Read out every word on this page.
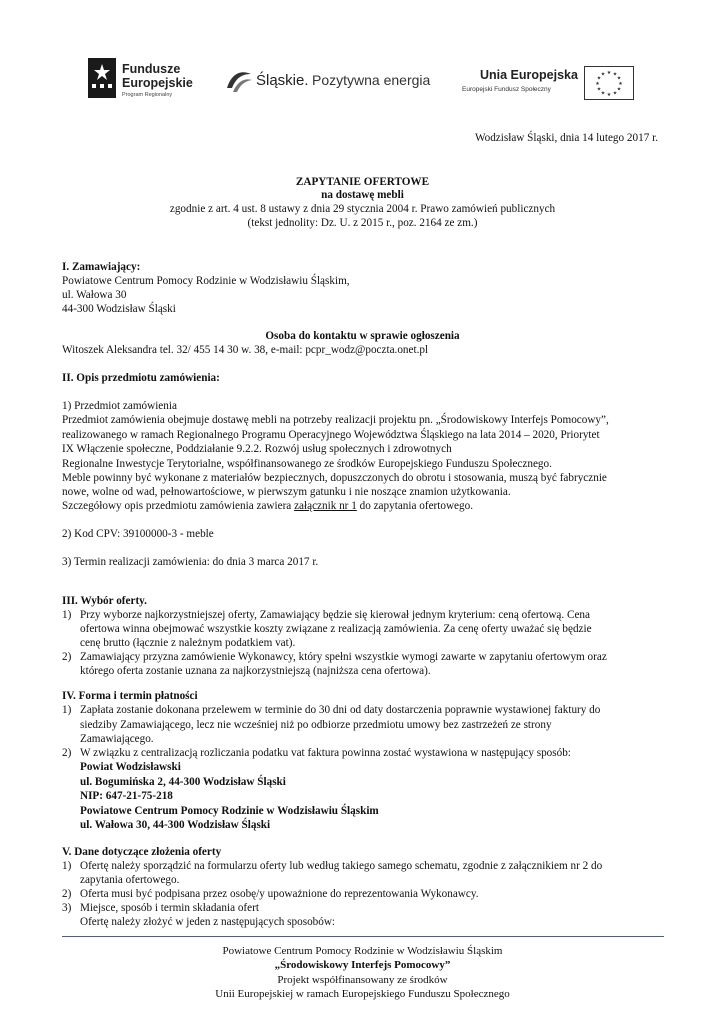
Fundusze
Europejskie
Program Regionalny
Śląskie. Pozytywna energia	Unia Europejska
Europejski Fundusz Społeczny
★ ★
★
★
★
★
★
★
★
★
★
★
Wodzisław Śląski, dnia 14 lutego 2017 r.
ZAPYTANIE OFERTOWE
na dostawę mebli
zgodnie z art. 4 ust. 8 ustawy z dnia 29 stycznia 2004 r. Prawo zamówień publicznych
(tekst jednolity: Dz. U. z 2015 r., poz. 2164 ze zm.)
I. Zamawiający:
Powiatowe Centrum Pomocy Rodzinie w Wodzisławiu Śląskim,
ul. Wałowa 30
44-300 Wodzisław Śląski
Osoba do kontaktu w sprawie ogłoszenia
Witoszek Aleksandra tel. 32/ 455 14 30 w. 38, e-mail: pcpr_wodz@poczta.onet.pl
II. Opis przedmiotu zamówienia:
1) Przedmiot zamówienia
Przedmiot zamówienia obejmuje dostawę mebli na potrzeby realizacji projektu pn. „Środowiskowy Interfejs Pomocowy”,
realizowanego w ramach Regionalnego Programu Operacyjnego Województwa Śląskiego na lata 2014 – 2020, Priorytet
IX Włączenie społeczne, Poddziałanie 9.2.2. Rozwój usług społecznych i zdrowotnych
Regionalne Inwestycje Terytorialne, współfinansowanego ze środków Europejskiego Funduszu Społecznego.
Meble powinny być wykonane z materiałów bezpiecznych, dopuszczonych do obrotu i stosowania, muszą być fabrycznie
nowe, wolne od wad, pełnowartościowe, w pierwszym gatunku i nie noszące znamion użytkowania.
Szczegółowy opis przedmiotu zamówienia zawiera załącznik nr 1 do zapytania ofertowego.
2) Kod CPV: 39100000-3 - meble
3) Termin realizacji zamówienia: do dnia 3 marca 2017 r.
III. Wybór oferty.
1) Przy wyborze najkorzystniejszej oferty, Zamawiający będzie się kierował jednym kryterium: ceną ofertową. Cena
ofertowa winna obejmować wszystkie koszty związane z realizacją zamówienia. Za cenę oferty uważać się będzie
cenę brutto (łącznie z należnym podatkiem vat).
2) Zamawiający przyzna zamówienie Wykonawcy, który spełni wszystkie wymogi zawarte w zapytaniu ofertowym oraz
którego oferta zostanie uznana za najkorzystniejszą (najniższa cena ofertowa).
IV. Forma i termin płatności
1) Zapłata zostanie dokonana przelewem w terminie do 30 dni od daty dostarczenia poprawnie wystawionej faktury do
siedziby Zamawiającego, lecz nie wcześniej niż po odbiorze przedmiotu umowy bez zastrzeżeń ze strony
Zamawiającego.
2) W związku z centralizacją rozliczania podatku vat faktura powinna zostać wystawiona w następujący sposób:
Powiat Wodzisławski
ul. Bogumińska 2, 44-300 Wodzisław Śląski
NIP: 647-21-75-218
Powiatowe Centrum Pomocy Rodzinie w Wodzisławiu Śląskim
ul. Wałowa 30, 44-300 Wodzisław Śląski
V. Dane dotyczące złożenia oferty
1) Ofertę należy sporządzić na formularzu oferty lub według takiego samego schematu, zgodnie z załącznikiem nr 2 do
zapytania ofertowego.
2) Oferta musi być podpisana przez osobę/y upoważnione do reprezentowania Wykonawcy.
3) Miejsce, sposób i termin składania ofert
Ofertę należy złożyć w jeden z następujących sposobów:
Powiatowe Centrum Pomocy Rodzinie w Wodzisławiu Śląskim
„Środowiskowy Interfejs Pomocowy”
Projekt współfinansowany ze środków
Unii Europejskiej w ramach Europejskiego Funduszu Społecznego
